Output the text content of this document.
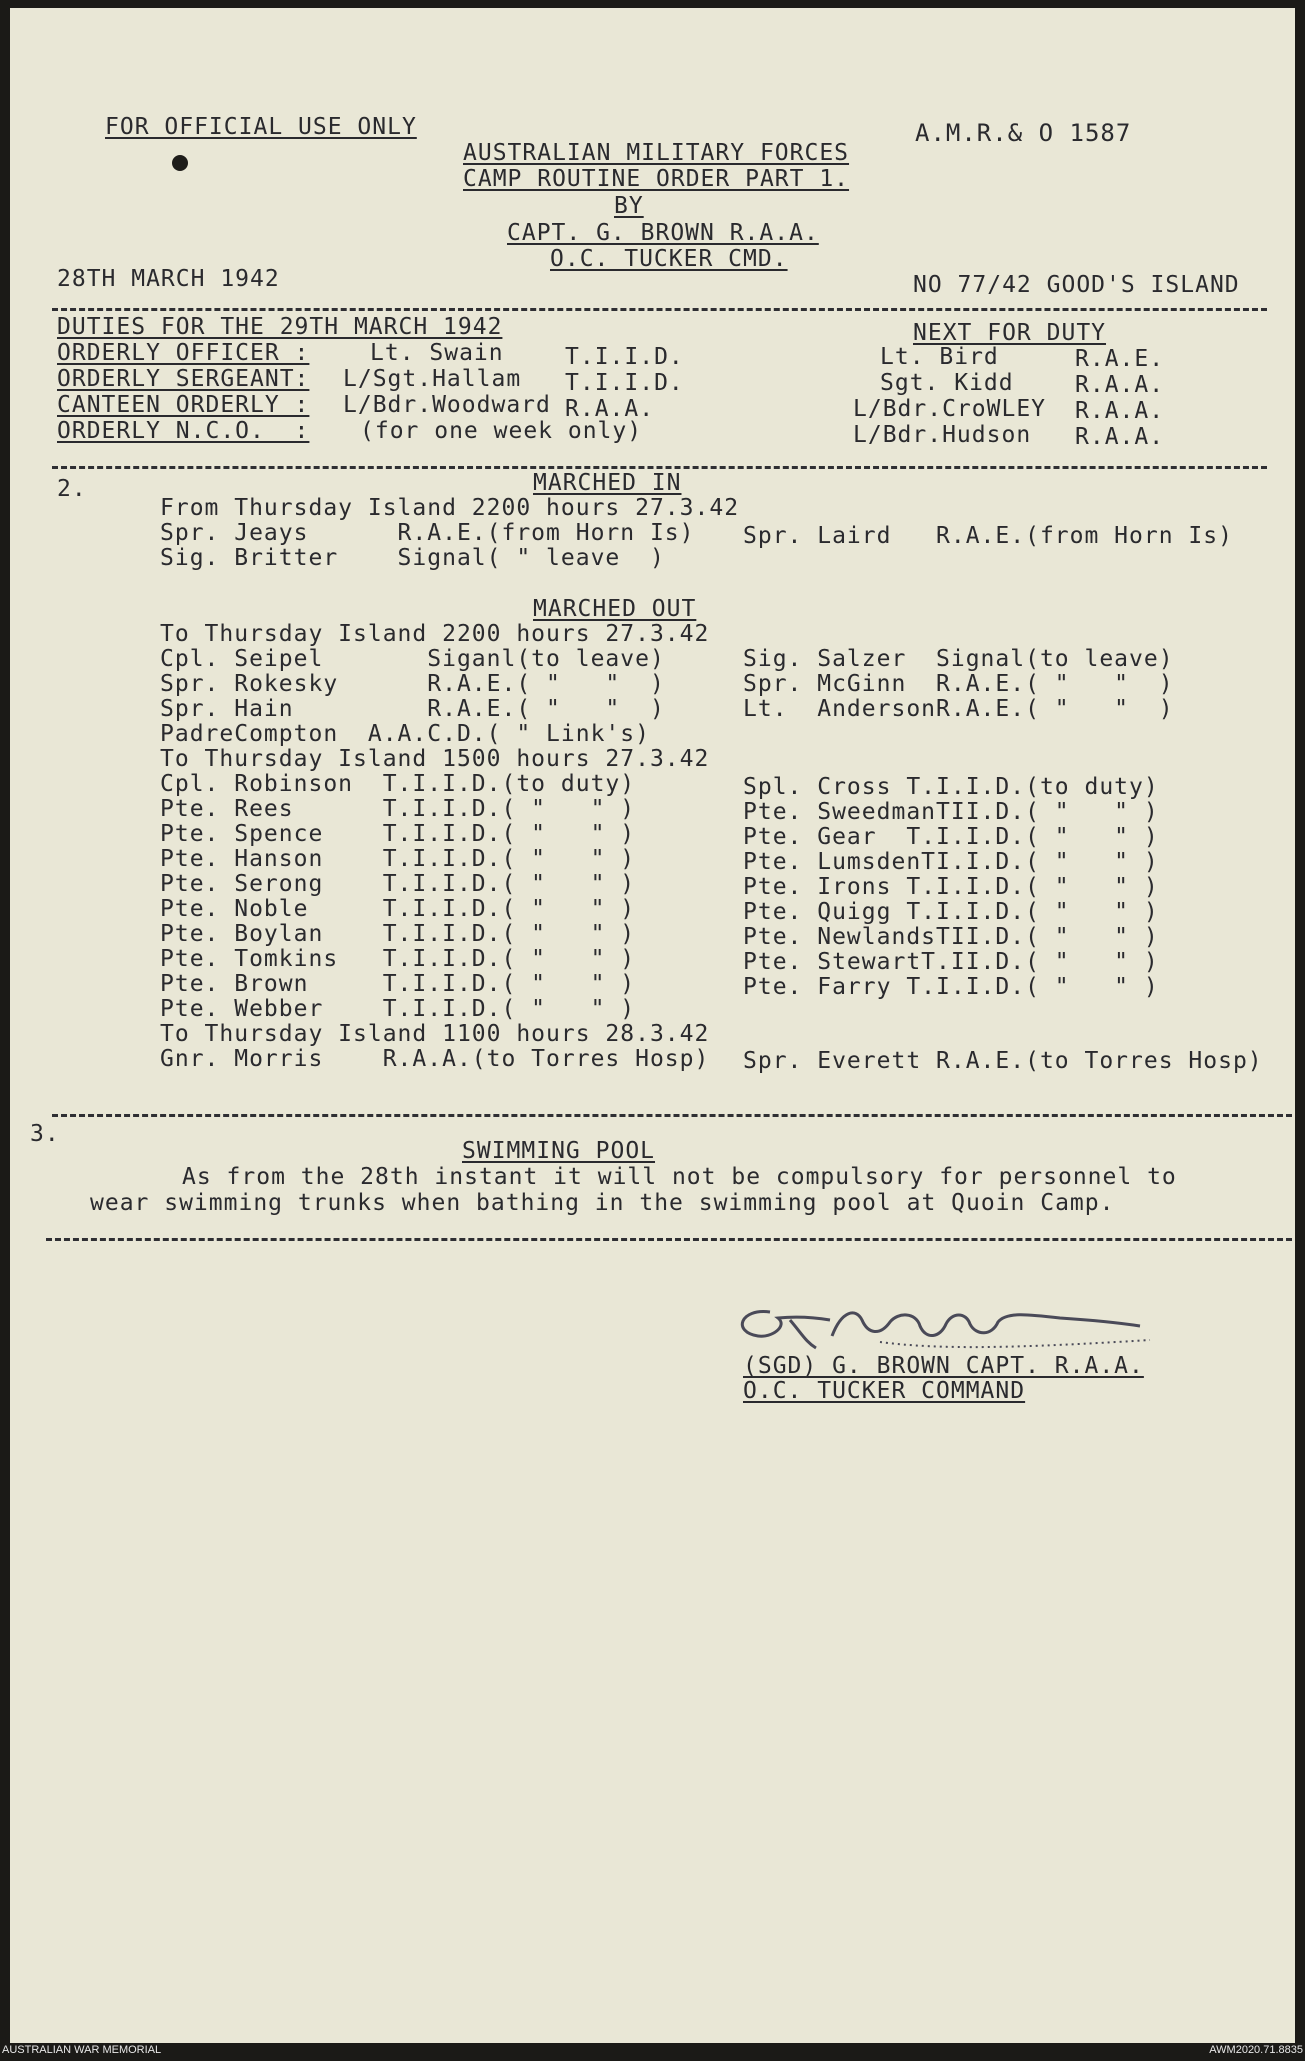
FOR OFFICIAL USE ONLY	A.M.R.& O 1587
AUSTRALIAN MILITARY FORCES
CAMP ROUTINE ORDER PART 1.
BY
CAPT. G. BROWN R.A.A.
O.C. TUCKER CMD.
28TH MARCH 1942	NO 77/42 GOOD'S ISLAND
DUTIES FOR THE 29TH MARCH 1942	NEXT FOR DUTY
ORDERLY OFFICER :	Lt. Swain	T.I.I.D.	Lt. Bird	R.A.E.
ORDERLY SERGEANT: L/Sgt.Hallam T.I.I.D.	Sgt. Kidd	R.A.A.
CANTEEN ORDERLY : L/Bdr.Woodward R.A.A.	L/Bdr.CroWLEY R.A.A.
ORDERLY N.C.O.  : (for one week only)	L/Bdr.Hudson R.A.A.
2.	MARCHED IN
From Thursday Island 2200 hours 27.3.42
Spr. Jeays      R.A.E.(from Horn Is) Spr. Laird   R.A.E.(from Horn Is)
Sig. Britter    Signal( " leave  )
MARCHED OUT
To Thursday Island 2200 hours 27.3.42
Cpl. Seipel       Siganl(to leave)	Sig. Salzer  Signal(to leave)
Spr. Rokesky      R.A.E.( "   "  )	Spr. McGinn  R.A.E.( "   "  )
Spr. Hain         R.A.E.( "   "  )	Lt.  AndersonR.A.E.( "   "  )
PadreCompton  A.A.C.D.( " Link's)
To Thursday Island 1500 hours 27.3.42
Cpl. Robinson  T.I.I.D.(to duty)	Spl. Cross T.I.I.D.(to duty)
Pte. Rees      T.I.I.D.( "   " )	Pte. SweedmanTII.D.( "   " )
Pte. Spence    T.I.I.D.( "   " )	Pte. Gear  T.I.I.D.( "   " )
Pte. Hanson    T.I.I.D.( "   " )	Pte. LumsdenTI.I.D.( "   " )
Pte. Serong    T.I.I.D.( "   " )	Pte. Irons T.I.I.D.( "   " )
Pte. Noble     T.I.I.D.( "   " )	Pte. Quigg T.I.I.D.( "   " )
Pte. Boylan    T.I.I.D.( "   " )	Pte. NewlandsTII.D.( "   " )
Pte. Tomkins   T.I.I.D.( "   " )	Pte. StewartT.II.D.( "   " )
Pte. Brown     T.I.I.D.( "   " )	Pte. Farry T.I.I.D.( "   " )
Pte. Webber    T.I.I.D.( "   " )
To Thursday Island 1100 hours 28.3.42
Gnr. Morris    R.A.A.(to Torres Hosp) Spr. Everett R.A.E.(to Torres Hosp)
3.
SWIMMING POOL
As from the 28th instant it will not be compulsory for personnel to
wear swimming trunks when bathing in the swimming pool at Quoin Camp.
(SGD) G. BROWN CAPT. R.A.A.
O.C. TUCKER COMMAND
AUSTRALIAN WAR MEMORIAL	AWM2020.71.8835
